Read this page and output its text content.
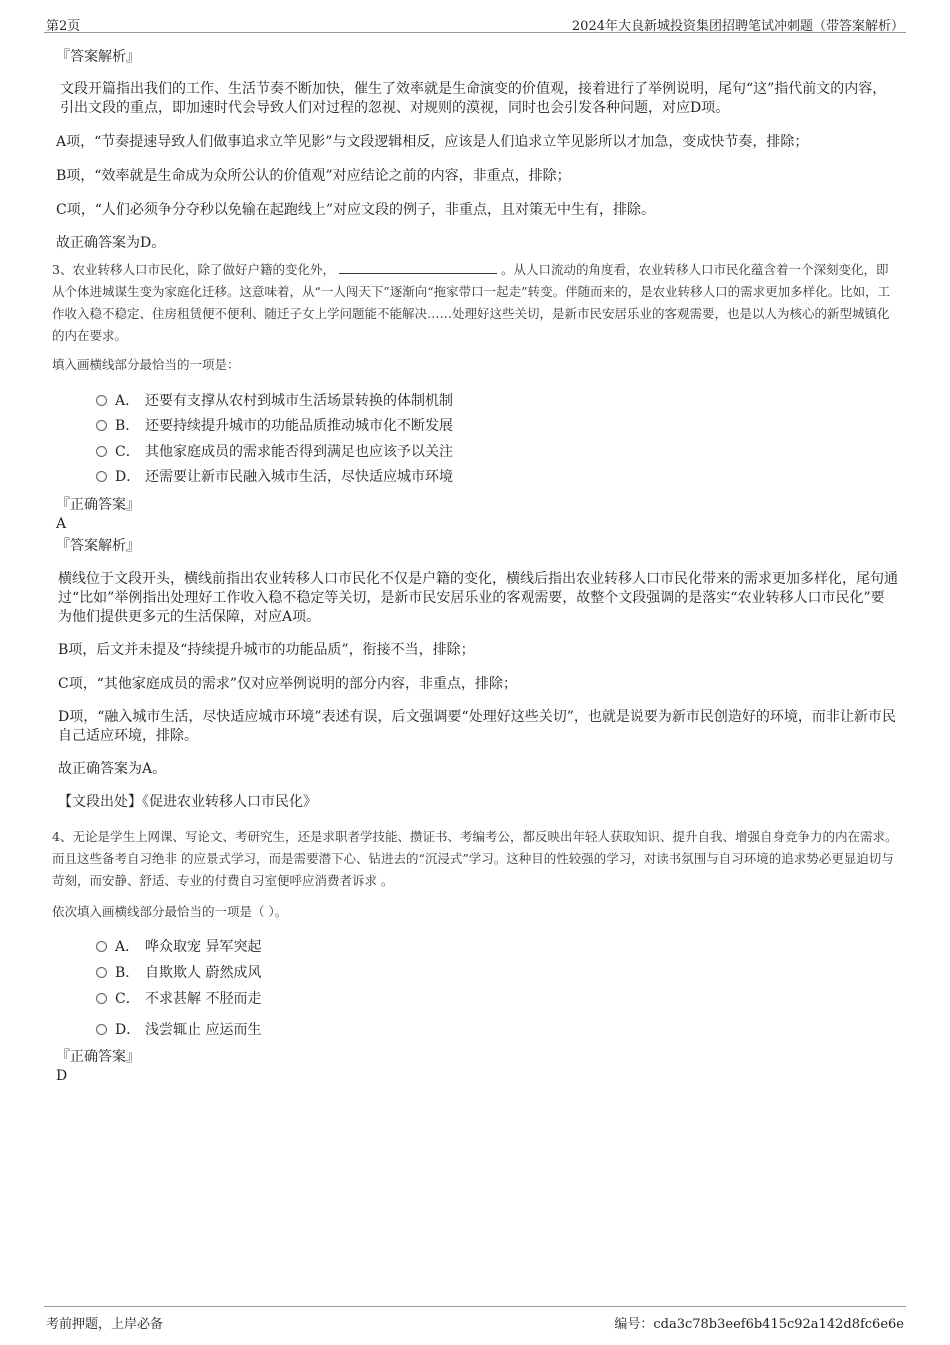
第2页	2024年大良新城投资集团招聘笔试冲刺题（带答案解析）
『答案解析』
文段开篇指出我们的工作、生活节奏不断加快，催生了效率就是生命演变的价值观，接着进行了举例说明，尾句“这”指代前文的内容，引出文段的重点，即加速时代会导致人们对过程的忽视、对规则的漠视，同时也会引发各种问题，对应D项。
A项，“节奏提速导致人们做事追求立竿见影”与文段逻辑相反，应该是人们追求立竿见影所以才加急，变成快节奏，排除；
B项，“效率就是生命成为众所公认的价值观”对应结论之前的内容，非重点，排除；
C项，“人们必须争分夺秒以免输在起跑线上”对应文段的例子，非重点，且对策无中生有，排除。
故正确答案为D。
3、农业转移人口市民化，除了做好户籍的变化外，	。从人口流动的角度看，农业转移人口市民化蕴含着一个深刻变化，即从个体进城谋生变为家庭化迁移。这意味着，从“一人闯天下”逐渐向“拖家带口一起走”转变。伴随而来的，是农业转移人口的需求更加多样化。比如，工作收入稳不稳定、住房租赁便不便利、随迁子女上学问题能不能解决……处理好这些关切，是新市民安居乐业的客观需要，也是以人为核心的新型城镇化的内在要求。
填入画横线部分最恰当的一项是：
A． 还要有支撑从农村到城市生活场景转换的体制机制
B． 还要持续提升城市的功能品质推动城市化不断发展
C． 其他家庭成员的需求能否得到满足也应该予以关注
D． 还需要让新市民融入城市生活，尽快适应城市环境
『正确答案』
A
『答案解析』
横线位于文段开头，横线前指出农业转移人口市民化不仅是户籍的变化，横线后指出农业转移人口市民化带来的需求更加多样化，尾句通过“比如”举例指出处理好工作收入稳不稳定等关切，是新市民安居乐业的客观需要，故整个文段强调的是落实“农业转移人口市民化”要为他们提供更多元的生活保障，对应A项。
B项，后文并未提及“持续提升城市的功能品质”，衔接不当，排除；
C项，“其他家庭成员的需求”仅对应举例说明的部分内容，非重点，排除；
D项，“融入城市生活，尽快适应城市环境”表述有误，后文强调要“处理好这些关切”，也就是说要为新市民创造好的环境，而非让新市民自己适应环境，排除。
故正确答案为A。
【文段出处】《促进农业转移人口市民化》
4、无论是学生上网课、写论文、考研究生，还是求职者学技能、攒证书、考编考公，都反映出年轻人获取知识、提升自我、增强自身竞争力的内在需求。而且这些备考自习绝非 的应景式学习，而是需要潜下心、钻进去的“沉浸式”学习。这种目的性较强的学习，对读书氛围与自习环境的追求势必更显迫切与苛刻，而安静、舒适、专业的付费自习室便呼应消费者诉求 。
依次填入画横线部分最恰当的一项是（ ）。
A． 哗众取宠 异军突起
B． 自欺欺人 蔚然成风
C． 不求甚解 不胫而走
D． 浅尝辄止 应运而生
『正确答案』
D
考前押题，上岸必备	编号：cda3c78b3eef6b415c92a142d8fc6e6e
